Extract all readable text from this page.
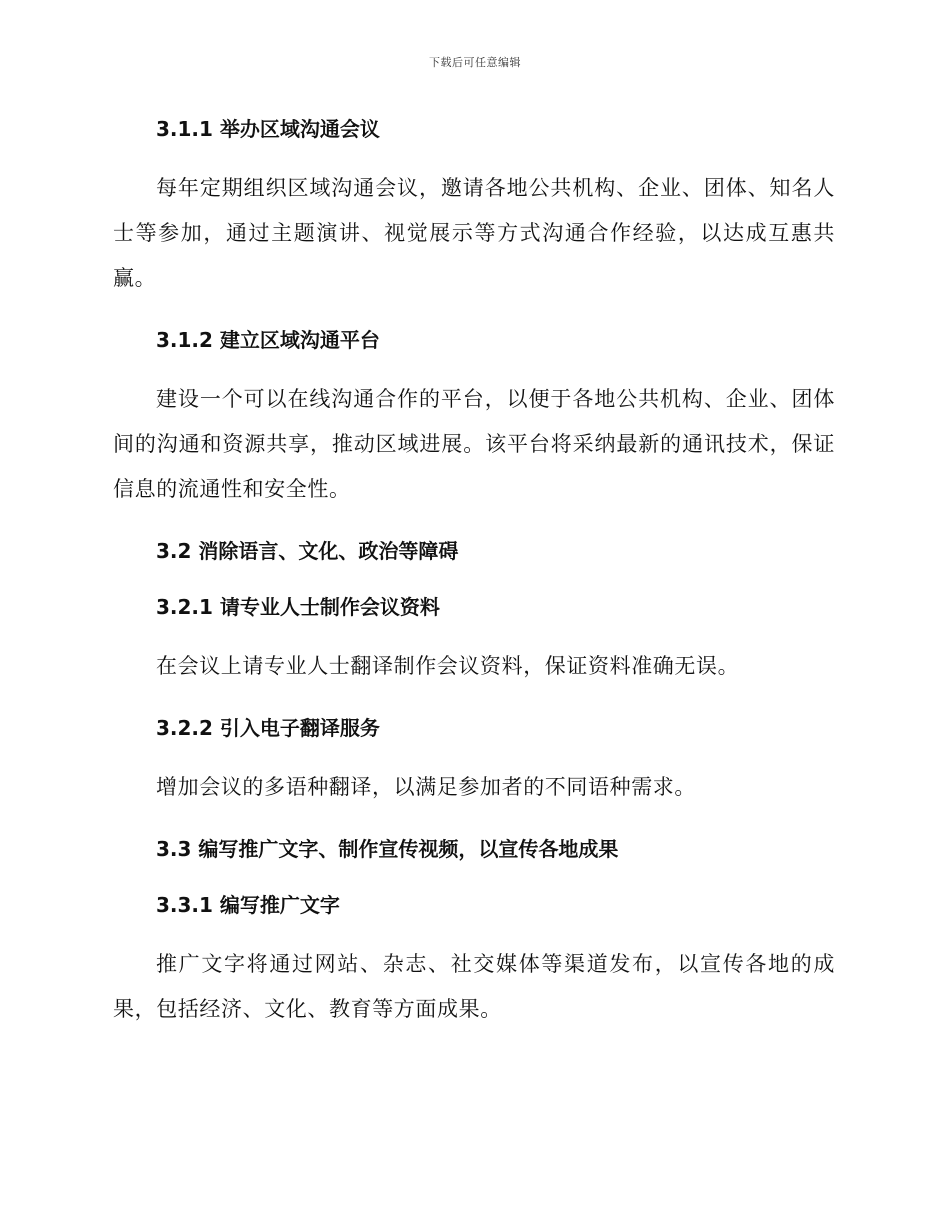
下载后可任意编辑

3.1.1 举办区域沟通会议

每年定期组织区域沟通会议，邀请各地公共机构、企业、团体、知名人士等参加，通过主题演讲、视觉展示等方式沟通合作经验，以达成互惠共赢。

3.1.2 建立区域沟通平台

建设一个可以在线沟通合作的平台，以便于各地公共机构、企业、团体间的沟通和资源共享，推动区域进展。该平台将采纳最新的通讯技术，保证信息的流通性和安全性。

3.2 消除语言、文化、政治等障碍

3.2.1 请专业人士制作会议资料

在会议上请专业人士翻译制作会议资料，保证资料准确无误。

3.2.2 引入电子翻译服务

增加会议的多语种翻译，以满足参加者的不同语种需求。

3.3 编写推广文字、制作宣传视频，以宣传各地成果

3.3.1 编写推广文字

推广文字将通过网站、杂志、社交媒体等渠道发布，以宣传各地的成果，包括经济、文化、教育等方面成果。
